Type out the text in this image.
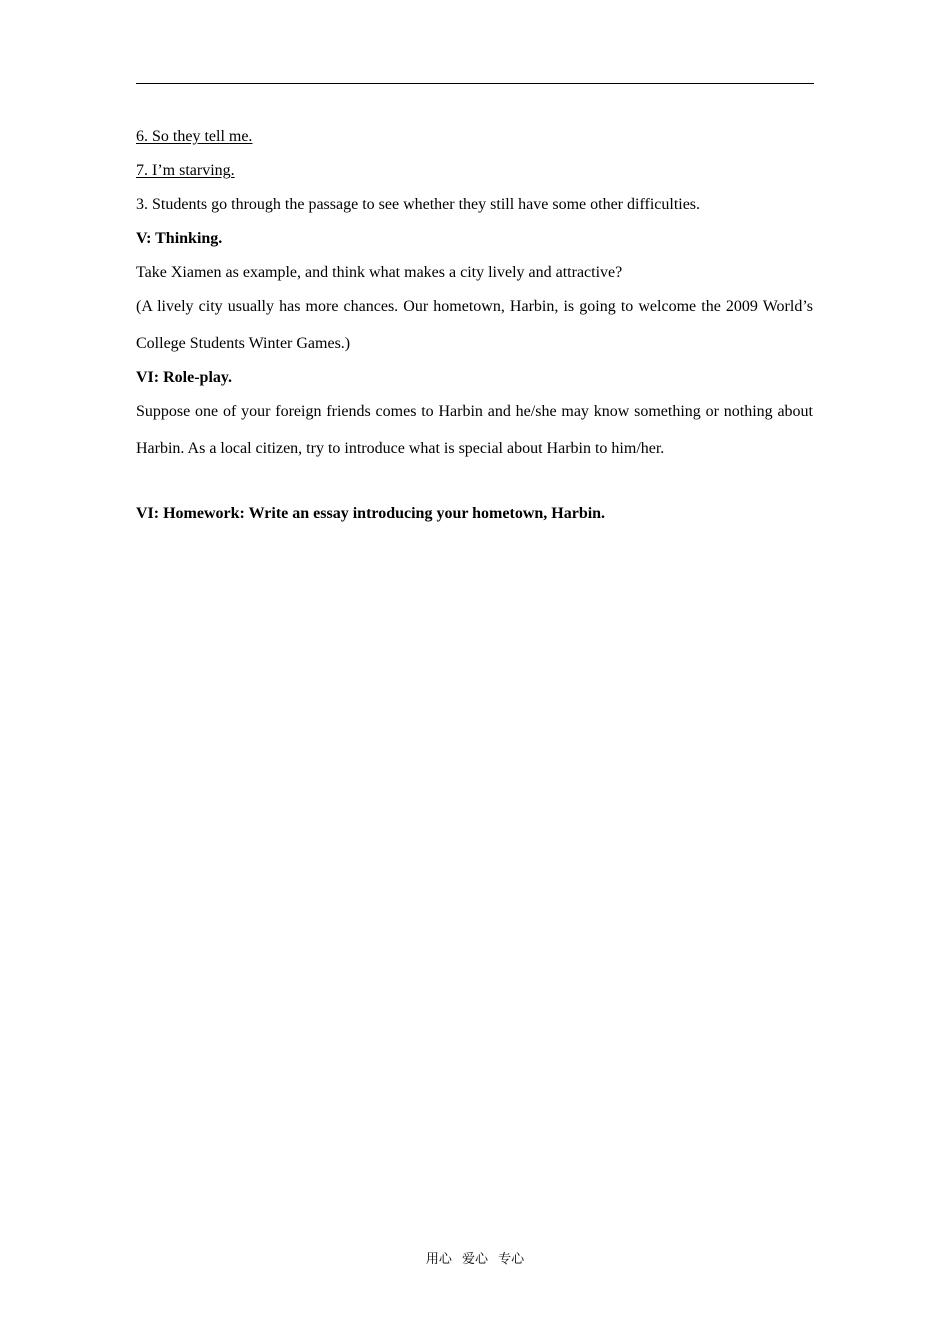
6. So they tell me.

7. I’m starving.

3. Students go through the passage to see whether they still have some other difficulties.

V: Thinking.

Take Xiamen as example, and think what makes a city lively and attractive?

(A lively city usually has more chances. Our hometown, Harbin, is going to welcome the 2009 World’s College Students Winter Games.)

VI: Role-play.

Suppose one of your foreign friends comes to Harbin and he/she may know something or nothing about Harbin. As a local citizen, try to introduce what is special about Harbin to him/her.

VI: Homework: Write an essay introducing your hometown, Harbin.

用心 爱心 专心
